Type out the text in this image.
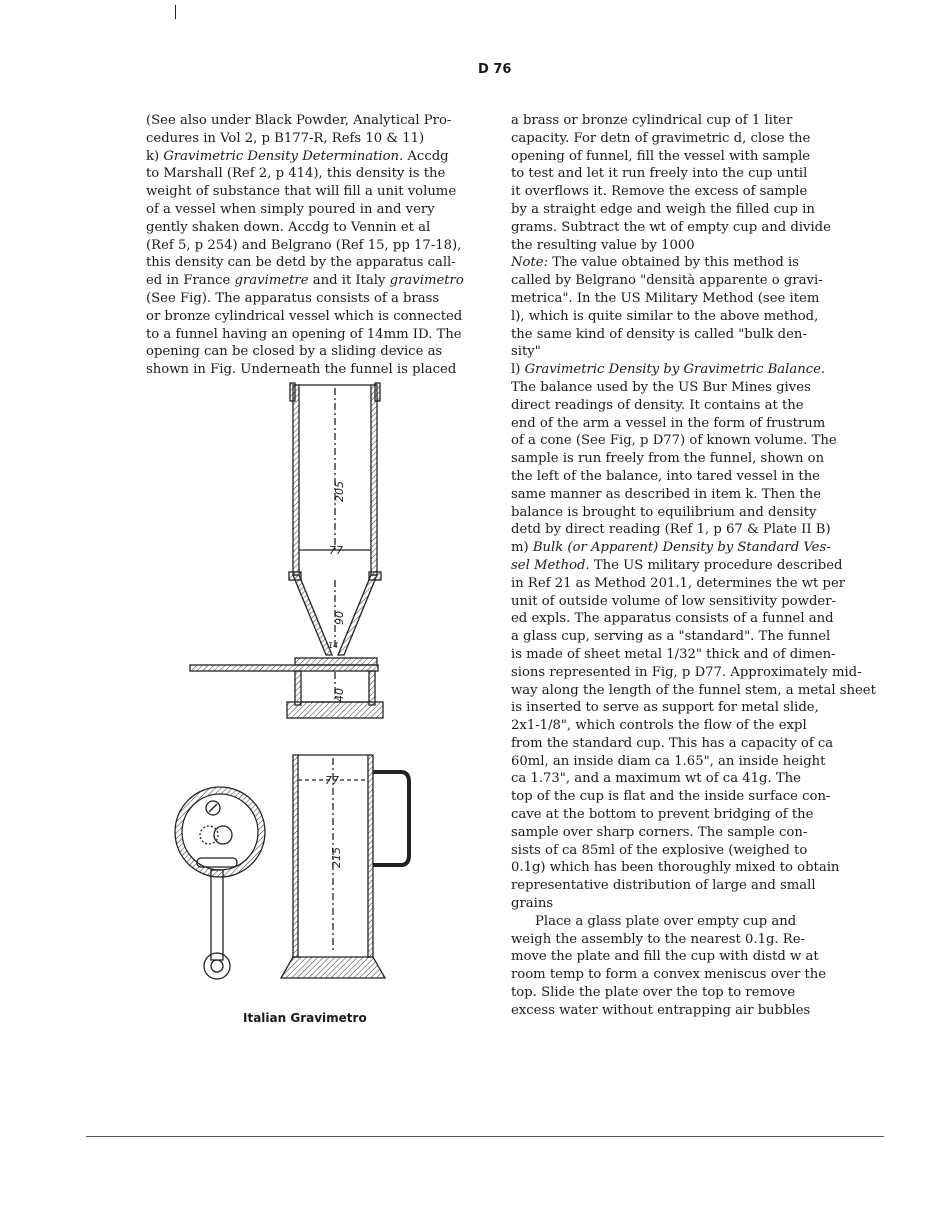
D 76
(See also under Black Powder, Analytical Pro-
cedures in Vol 2, p B177-R, Refs 10 & 11)
k) Gravimetric Density Determination. Accdg
to Marshall (Ref 2, p 414), this density is the
weight of substance that will fill a unit volume
of a vessel when simply poured in and very
gently shaken down. Accdg to Vennin et al
(Ref 5, p 254) and Belgrano (Ref 15, pp 17-18),
this density can be detd by the apparatus call-
ed in France gravimetre and it Italy gravimetro
(See Fig). The apparatus consists of a brass
or bronze cylindrical vessel which is connected
to a funnel having an opening of 14mm ID. The
opening can be closed by a sliding device as
shown in Fig. Underneath the funnel is placed
a brass or bronze cylindrical cup of 1 liter
capacity. For detn of gravimetric d, close the
opening of funnel, fill the vessel with sample
to test and let it run freely into the cup until
it overflows it. Remove the excess of sample
by a straight edge and weigh the filled cup in
grams. Subtract the wt of empty cup and divide
the resulting value by 1000
Note: The value obtained by this method is
called by Belgrano "densità apparente o gravi-
metrica". In the US Military Method (see item
l), which is quite similar to the above method,
the same kind of density is called "bulk den-
sity"
l) Gravimetric Density by Gravimetric Balance.
The balance used by the US Bur Mines gives
direct readings of density. It contains at the
end of the arm a vessel in the form of frustrum
of a cone (See Fig, p D77) of known volume. The
sample is run freely from the funnel, shown on
the left of the balance, into tared vessel in the
same manner as described in item k. Then the
balance is brought to equilibrium and density
detd by direct reading (Ref 1, p 67 & Plate II B)
m) Bulk (or Apparent) Density by Standard Ves-
sel Method. The US military procedure described
in Ref 21 as Method 201.1, determines the wt per
unit of outside volume of low sensitivity powder-
ed expls. The apparatus consists of a funnel and
a glass cup, serving as a "standard". The funnel
is made of sheet metal 1/32" thick and of dimen-
sions represented in Fig, p D77. Approximately mid-
way along the length of the funnel stem, a metal sheet
is inserted to serve as support for metal slide,
2x1-1/8", which controls the flow of the expl
from the standard cup. This has a capacity of ca
60ml, an inside diam ca 1.65", an inside height
ca 1.73", and a maximum wt of ca 41g. The
top of the cup is flat and the inside surface con-
cave at the bottom to prevent bridging of the
sample over sharp corners. The sample con-
sists of ca 85ml of the explosive (weighed to
0.1g) which has been thoroughly mixed to obtain
representative distribution of large and small
grains
Place a glass plate over empty cup and
weigh the assembly to the nearest 0.1g. Re-
move the plate and fill the cup with distd w at
room temp to form a convex meniscus over the
top. Slide the plate over the top to remove
excess water without entrapping air bubbles
205
77
90
14
40
77
215
Italian Gravimetro
